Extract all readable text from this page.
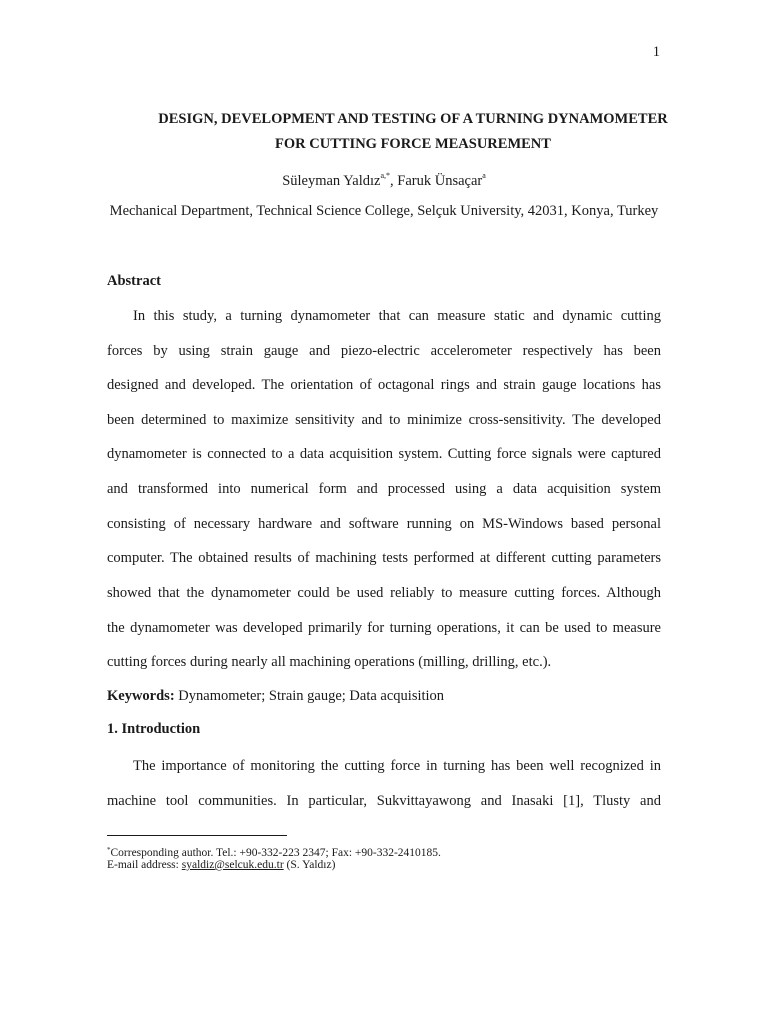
1
DESIGN, DEVELOPMENT AND TESTING OF A TURNING DYNAMOMETER
FOR CUTTING FORCE MEASUREMENT
Süleyman Yaldız$^{a,*}$, Faruk Ünsaçar$^a$
Mechanical Department, Technical Science College, Selçuk University, 42031, Konya, Turkey
Abstract
In this study, a turning dynamometer that can measure static and dynamic cutting
forces by using strain gauge and piezo-electric accelerometer respectively has been
designed and developed. The orientation of octagonal rings and strain gauge locations has
been determined to maximize sensitivity and to minimize cross-sensitivity. The developed
dynamometer is connected to a data acquisition system. Cutting force signals were captured
and transformed into numerical form and processed using a data acquisition system
consisting of necessary hardware and software running on MS-Windows based personal
computer. The obtained results of machining tests performed at different cutting parameters
showed that the dynamometer could be used reliably to measure cutting forces. Although
the dynamometer was developed primarily for turning operations, it can be used to measure
cutting forces during nearly all machining operations (milling, drilling, etc.).
Keywords: Dynamometer; Strain gauge; Data acquisition
1. Introduction
The importance of monitoring the cutting force in turning has been well recognized in
machine tool communities. In particular, Sukvittayawong and Inasaki [1], Tlusty and
*Corresponding author. Tel.: +90-332-223 2347; Fax: +90-332-2410185.
E-mail address: syaldiz@selcuk.edu.tr (S. Yaldız)
